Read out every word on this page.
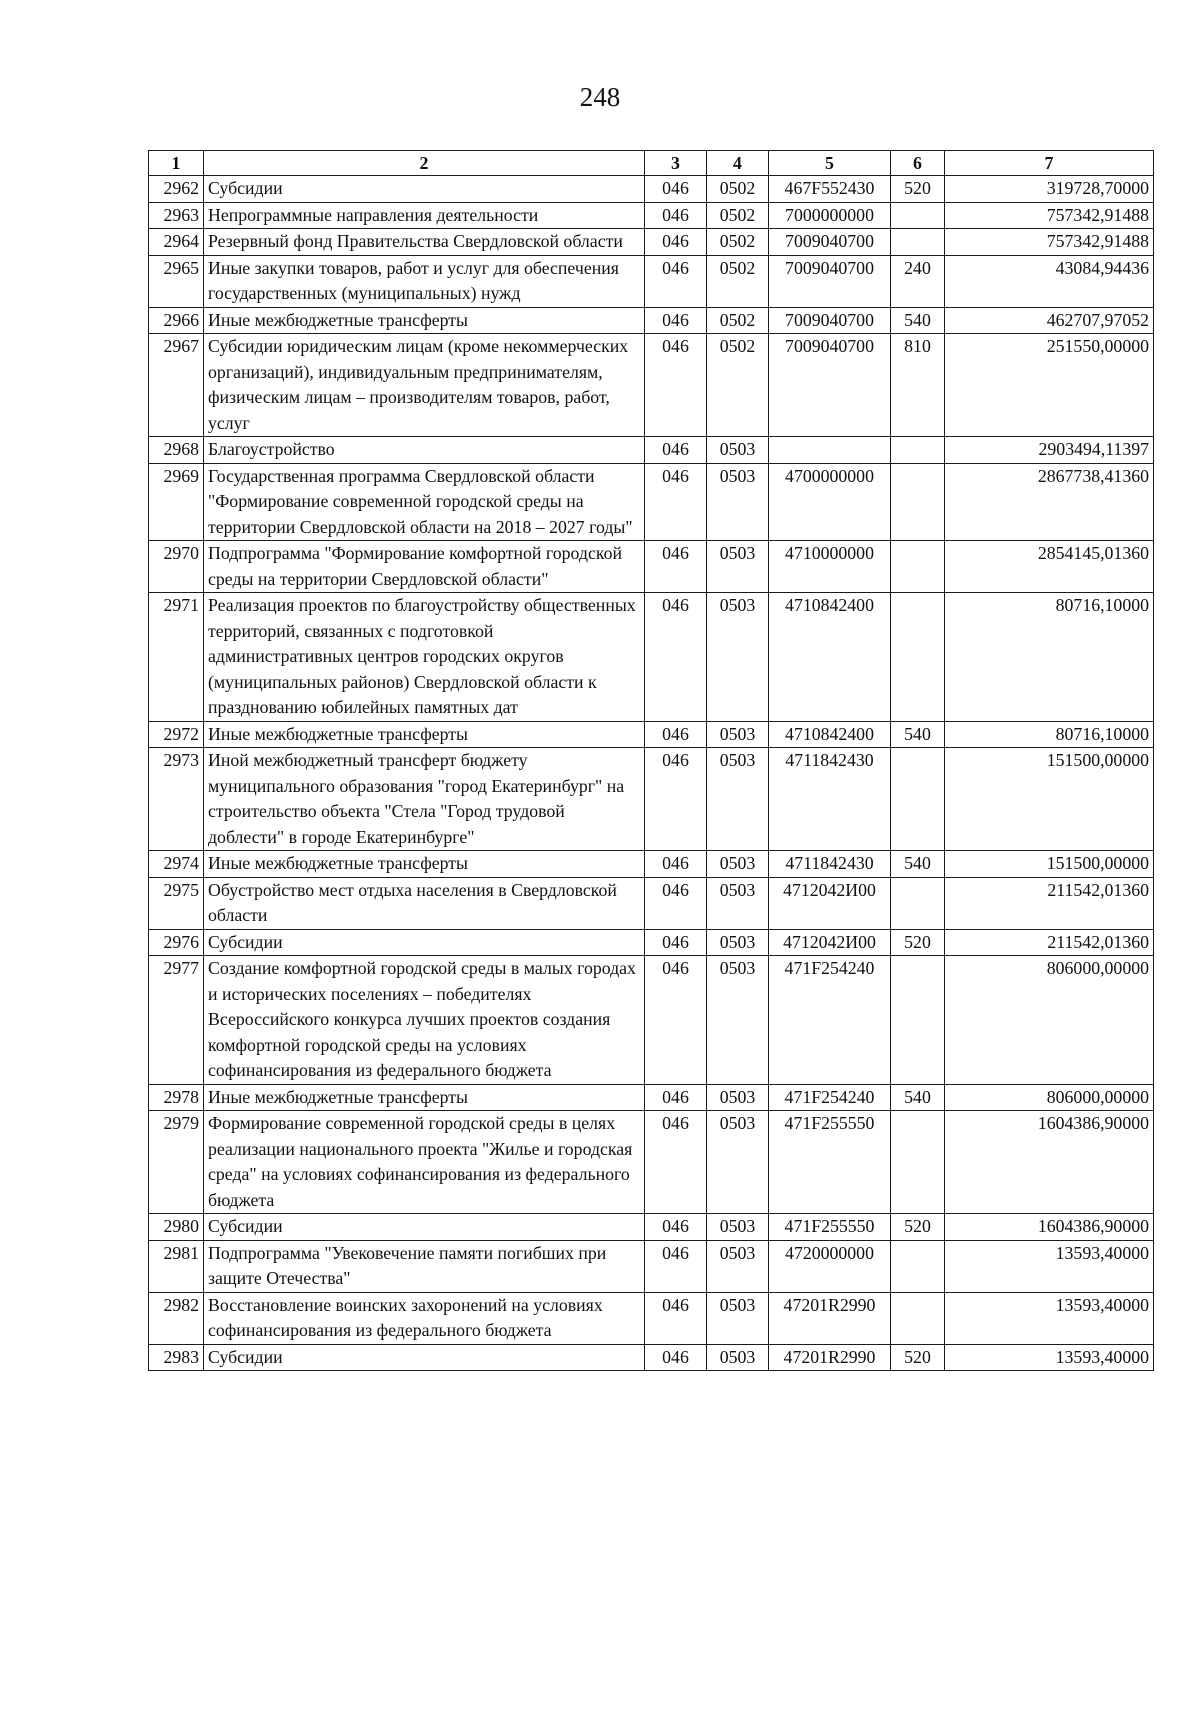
248
1	2	3	4	5	6	7
2962	Субсидии	046	0502	467F552430	520	319728,70000
2963	Непрограммные направления деятельности	046	0502	7000000000		757342,91488
2964	Резервный фонд Правительства Свердловской области	046	0502	7009040700		757342,91488
2965	Иные закупки товаров, работ и услуг для обеспечения государственных (муниципальных) нужд	046	0502	7009040700	240	43084,94436
2966	Иные межбюджетные трансферты	046	0502	7009040700	540	462707,97052
2967	Субсидии юридическим лицам (кроме некоммерческих организаций), индивидуальным предпринимателям, физическим лицам – производителям товаров, работ, услуг	046	0502	7009040700	810	251550,00000
2968	Благоустройство	046	0503			2903494,11397
2969	Государственная программа Свердловской области "Формирование современной городской среды на территории Свердловской области на 2018 – 2027 годы"	046	0503	4700000000		2867738,41360
2970	Подпрограмма "Формирование комфортной городской среды на территории Свердловской области"	046	0503	4710000000		2854145,01360
2971	Реализация проектов по благоустройству общественных территорий, связанных с подготовкой административных центров городских округов (муниципальных районов) Свердловской области к празднованию юбилейных памятных дат	046	0503	4710842400		80716,10000
2972	Иные межбюджетные трансферты	046	0503	4710842400	540	80716,10000
2973	Иной межбюджетный трансферт бюджету муниципального образования "город Екатеринбург" на строительство объекта "Стела "Город трудовой доблести" в городе Екатеринбурге"	046	0503	4711842430		151500,00000
2974	Иные межбюджетные трансферты	046	0503	4711842430	540	151500,00000
2975	Обустройство мест отдыха населения в Свердловской области	046	0503	4712042И00		211542,01360
2976	Субсидии	046	0503	4712042И00	520	211542,01360
2977	Создание комфортной городской среды в малых городах и исторических поселениях – победителях Всероссийского конкурса лучших проектов создания комфортной городской среды на условиях софинансирования из федерального бюджета	046	0503	471F254240		806000,00000
2978	Иные межбюджетные трансферты	046	0503	471F254240	540	806000,00000
2979	Формирование современной городской среды в целях реализации национального проекта "Жилье и городская среда" на условиях софинансирования из федерального бюджета	046	0503	471F255550		1604386,90000
2980	Субсидии	046	0503	471F255550	520	1604386,90000
2981	Подпрограмма "Увековечение памяти погибших при защите Отечества"	046	0503	4720000000		13593,40000
2982	Восстановление воинских захоронений на условиях софинансирования из федерального бюджета	046	0503	47201R2990		13593,40000
2983	Субсидии	046	0503	47201R2990	520	13593,40000
